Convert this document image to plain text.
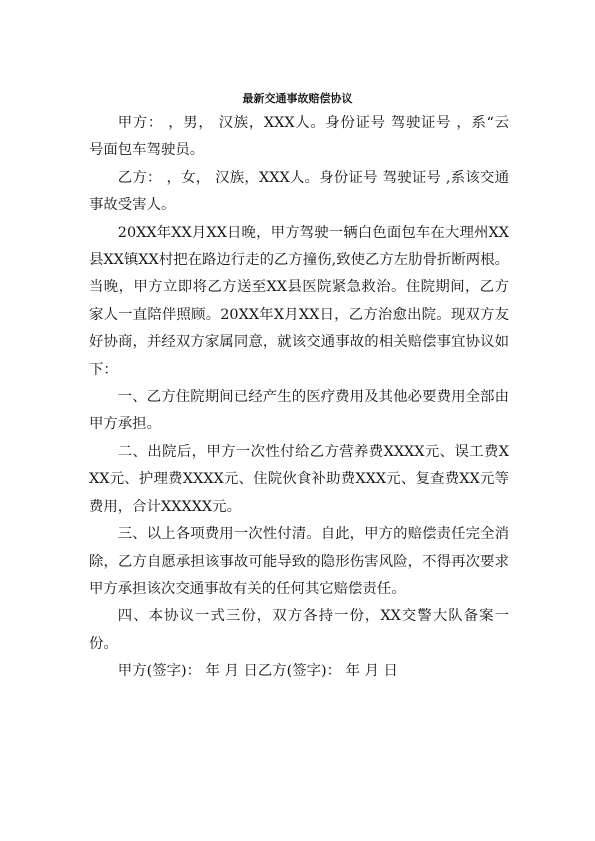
最新交通事故赔偿协议

甲方： ，男， 汉族，XXX人。身份证号 驾驶证号 ，系“云 号面包车驾驶员。

乙方： ，女， 汉族，XXX人。身份证号 驾驶证号 ,系该交通事故受害人。

20XX年XX月XX日晚，甲方驾驶一辆白色面包车在大理州XX县XX镇XX村把在路边行走的乙方撞伤,致使乙方左肋骨折断两根。当晚，甲方立即将乙方送至XX县医院紧急救治。住院期间，乙方家人一直陪伴照顾。20XX年X月XX日，乙方治愈出院。现双方友好协商，并经双方家属同意，就该交通事故的相关赔偿事宜协议如下：

一、乙方住院期间已经产生的医疗费用及其他必要费用全部由甲方承担。

二、出院后，甲方一次性付给乙方营养费XXXX元、误工费XXX元、护理费XXXX元、住院伙食补助费XXX元、复查费XX元等费用，合计XXXXX元。

三、以上各项费用一次性付清。自此，甲方的赔偿责任完全消除，乙方自愿承担该事故可能导致的隐形伤害风险，不得再次要求甲方承担该次交通事故有关的任何其它赔偿责任。

四、本协议一式三份，双方各持一份，XX交警大队备案一份。

甲方(签字)： 年 月 日乙方(签字)： 年 月 日
